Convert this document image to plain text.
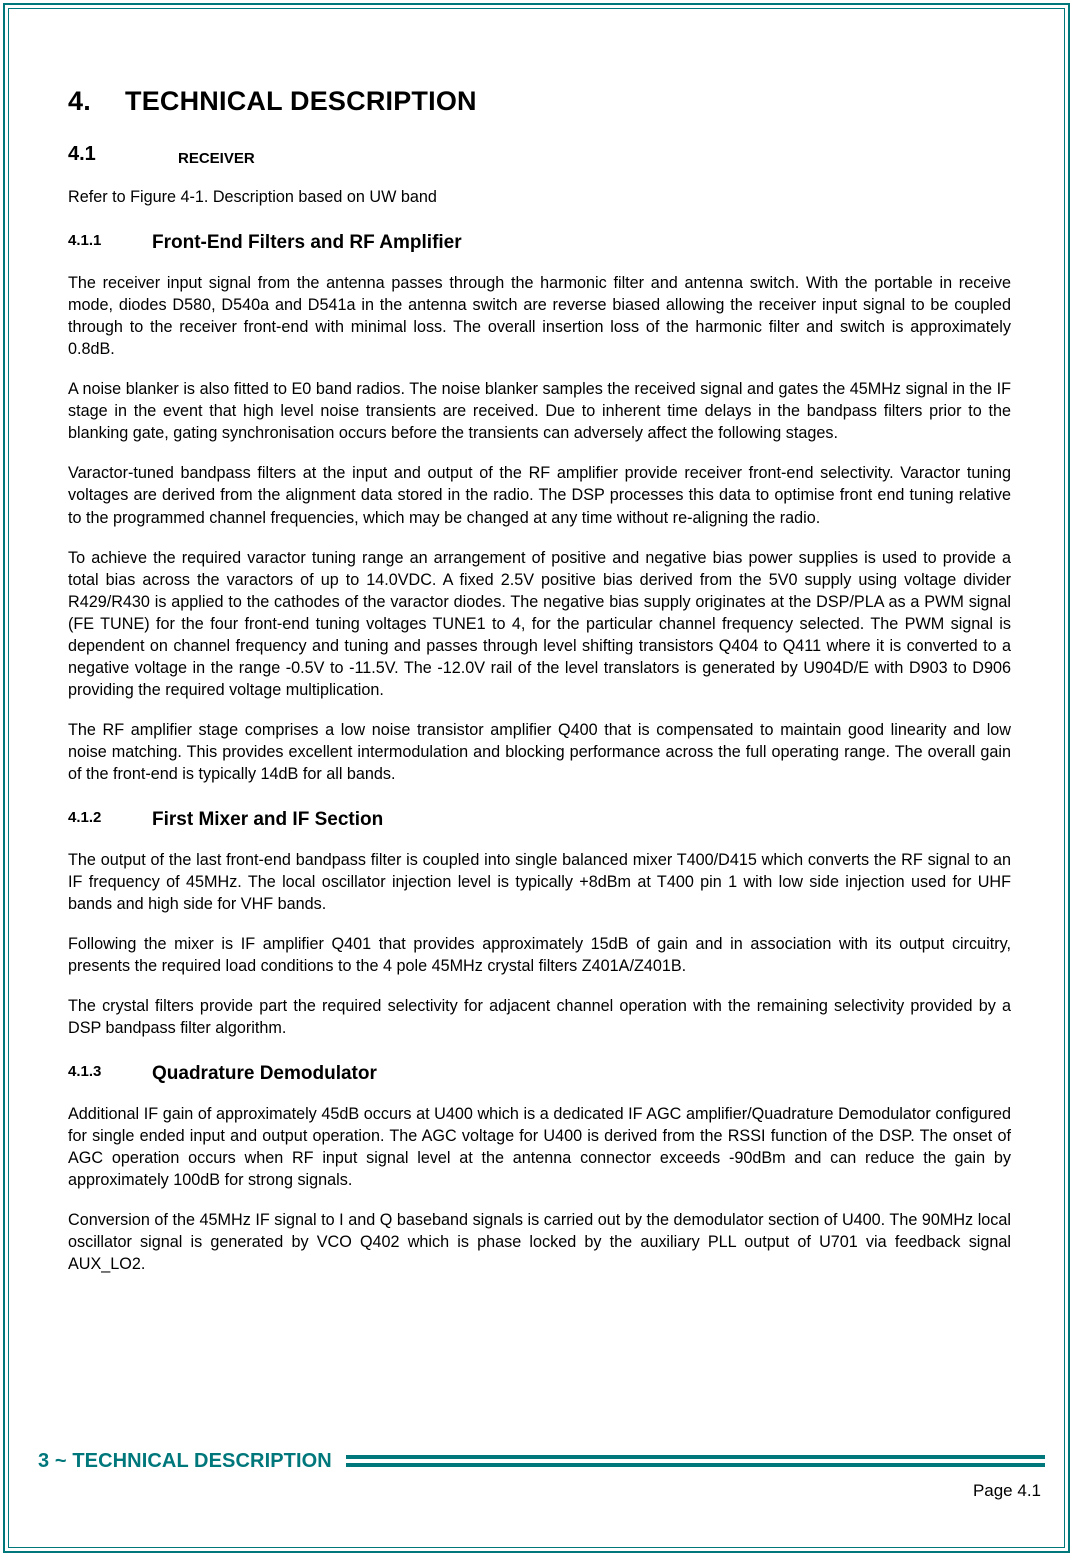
4.	TECHNICAL DESCRIPTION
4.1	receiver

Refer to Figure 4-1. Description based on UW band

4.1.1	Front-End Filters and RF Amplifier

The receiver input signal from the antenna passes through the harmonic filter and antenna switch. With the portable in receive mode, diodes D580, D540a and D541a in the antenna switch are reverse biased allowing the receiver input signal to be coupled through to the receiver front-end with minimal loss. The overall insertion loss of the harmonic filter and switch is approximately 0.8dB.

A noise blanker is also fitted to E0 band radios. The noise blanker samples the received signal and gates the 45MHz signal in the IF stage in the event that high level noise transients are received. Due to inherent time delays in the bandpass filters prior to the blanking gate, gating synchronisation occurs before the transients can adversely affect the following stages.

Varactor-tuned bandpass filters at the input and output of the RF amplifier provide receiver front-end selectivity. Varactor tuning voltages are derived from the alignment data stored in the radio. The DSP processes this data to optimise front end tuning relative to the programmed channel frequencies, which may be changed at any time without re-aligning the radio.

To achieve the required varactor tuning range an arrangement of positive and negative bias power supplies is used to provide a total bias across the varactors of up to 14.0VDC. A fixed 2.5V positive bias derived from the 5V0 supply using voltage divider R429/R430 is applied to the cathodes of the varactor diodes. The negative bias supply originates at the DSP/PLA as a PWM signal (FE TUNE) for the four front-end tuning voltages TUNE1 to 4, for the particular channel frequency selected. The PWM signal is dependent on channel frequency and tuning and passes through level shifting transistors Q404 to Q411 where it is converted to a negative voltage in the range -0.5V to -11.5V. The -12.0V rail of the level translators is generated by U904D/E with D903 to D906 providing the required voltage multiplication.

The RF amplifier stage comprises a low noise transistor amplifier Q400 that is compensated to maintain good linearity and low noise matching. This provides excellent intermodulation and blocking performance across the full operating range. The overall gain of the front-end is typically 14dB for all bands.

4.1.2	First Mixer and IF Section

The output of the last front-end bandpass filter is coupled into single balanced mixer T400/D415 which converts the RF signal to an IF frequency of 45MHz. The local oscillator injection level is typically +8dBm at T400 pin 1 with low side injection used for UHF bands and high side for VHF bands.

Following the mixer is IF amplifier Q401 that provides approximately 15dB of gain and in association with its output circuitry, presents the required load conditions to the 4 pole 45MHz crystal filters Z401A/Z401B.

The crystal filters provide part the required selectivity for adjacent channel operation with the remaining selectivity provided by a DSP bandpass filter algorithm.

4.1.3	Quadrature Demodulator

Additional IF gain of approximately 45dB occurs at U400 which is a dedicated IF AGC amplifier/Quadrature Demodulator configured for single ended input and output operation. The AGC voltage for U400 is derived from the RSSI function of the DSP. The onset of AGC operation occurs when RF input signal level at the antenna connector exceeds -90dBm and can reduce the gain by approximately 100dB for strong signals.

Conversion of the 45MHz IF signal to I and Q baseband signals is carried out by the demodulator section of U400. The 90MHz local oscillator signal is generated by VCO Q402 which is phase locked by the auxiliary PLL output of U701 via feedback signal AUX_LO2.

3 ~ TECHNICAL DESCRIPTION
Page 4.1
